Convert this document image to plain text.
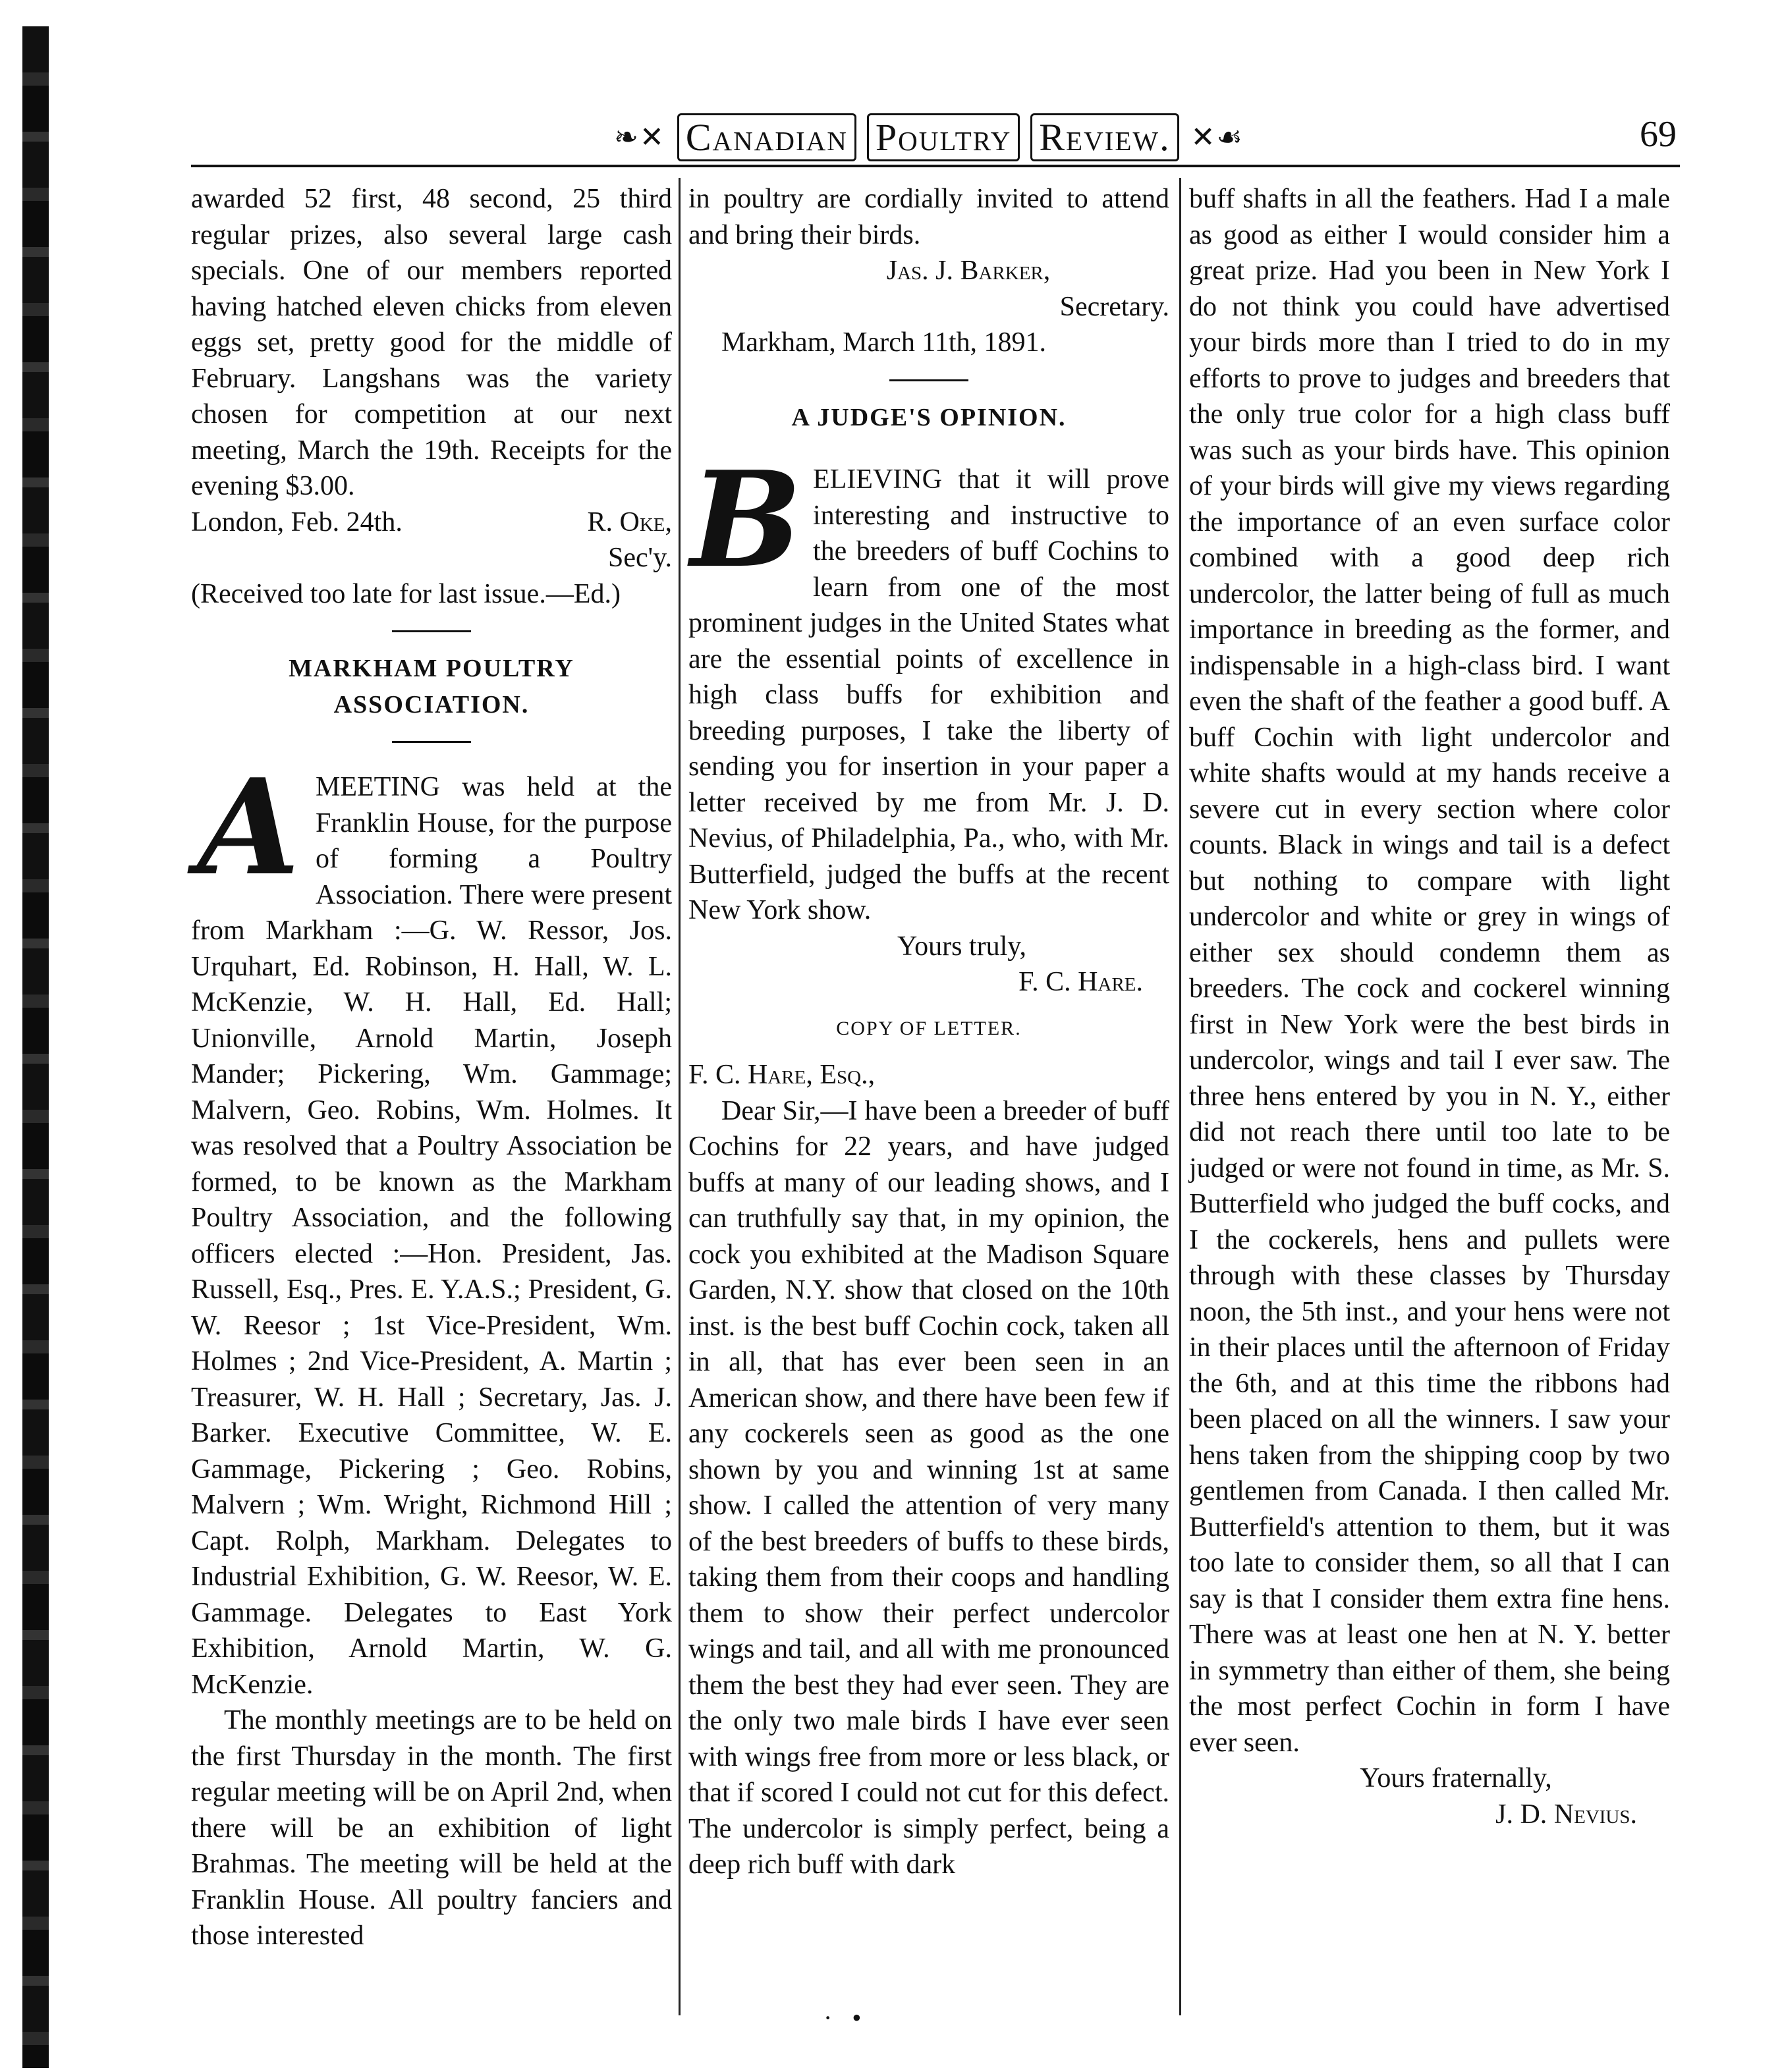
❧✕ Canadian Poultry Review. ✕☙	69

awarded 52 first, 48 second, 25 third regular prizes, also several large cash specials. One of our members reported having hatched eleven chicks from eleven eggs set, pretty good for the middle of February. Langshans was the variety chosen for competition at our next meeting, March the 19th. Receipts for the evening $3.00.

London, Feb. 24th.	R. Oke,
Sec'y.
(Received too late for last issue.—Ed.)
MARKHAM POULTRY ASSOCIATION.

AMEETING was held at the Franklin House, for the purpose of forming a Poultry Association. There were present from Markham :—G. W. Ressor, Jos. Urquhart, Ed. Robinson, H. Hall, W. L. McKenzie, W. H. Hall, Ed. Hall; Unionville, Arnold Martin, Joseph Mander; Pickering, Wm. Gammage; Malvern, Geo. Robins, Wm. Holmes. It was resolved that a Poultry Association be formed, to be known as the Markham Poultry Association, and the following officers elected :—Hon. President, Jas. Russell, Esq., Pres. E. Y.A.S.; President, G. W. Reesor ; 1st Vice-President, Wm. Holmes ; 2nd Vice-President, A. Martin ; Treasurer, W. H. Hall ; Secretary, Jas. J. Barker. Executive Committee, W. E. Gammage, Pickering ; Geo. Robins, Malvern ; Wm. Wright, Richmond Hill ; Capt. Rolph, Markham. Delegates to Industrial Exhibition, G. W. Reesor, W. E. Gammage. Delegates to East York Exhibition, Arnold Martin, W. G. McKenzie.

The monthly meetings are to be held on the first Thursday in the month. The first regular meeting will be on April 2nd, when there will be an exhibition of light Brahmas. The meeting will be held at the Franklin House. All poultry fanciers and those interested

in poultry are cordially invited to attend and bring their birds.

Jas. J. Barker,
Secretary.
Markham, March 11th, 1891.
A JUDGE'S OPINION.

BELIEVING that it will prove interesting and instructive to the breeders of buff Cochins to learn from one of the most prominent judges in the United States what are the essential points of excellence in high class buffs for exhibition and breeding purposes, I take the liberty of sending you for insertion in your paper a letter received by me from Mr. J. D. Nevius, of Philadelphia, Pa., who, with Mr. Butterfield, judged the buffs at the recent New York show.

Yours truly,
F. C. Hare.
COPY OF LETTER.
F. C. Hare, Esq.,

Dear Sir,—I have been a breeder of buff Cochins for 22 years, and have judged buffs at many of our leading shows, and I can truthfully say that, in my opinion, the cock you exhibited at the Madison Square Garden, N.Y. show that closed on the 10th inst. is the best buff Cochin cock, taken all in all, that has ever been seen in an American show, and there have been few if any cockerels seen as good as the one shown by you and winning 1st at same show. I called the attention of very many of the best breeders of buffs to these birds, taking them from their coops and handling them to show their perfect undercolor wings and tail, and all with me pronounced them the best they had ever seen. They are the only two male birds I have ever seen with wings free from more or less black, or that if scored I could not cut for this defect. The undercolor is simply perfect, being a deep rich buff with dark

buff shafts in all the feathers. Had I a male as good as either I would consider him a great prize. Had you been in New York I do not think you could have advertised your birds more than I tried to do in my efforts to prove to judges and breeders that the only true color for a high class buff was such as your birds have. This opinion of your birds will give my views regarding the importance of an even surface color combined with a good deep rich undercolor, the latter being of full as much importance in breeding as the former, and indispensable in a high-class bird. I want even the shaft of the feather a good buff. A buff Cochin with light undercolor and white shafts would at my hands receive a severe cut in every section where color counts. Black in wings and tail is a defect but nothing to compare with light undercolor and white or grey in wings of either sex should condemn them as breeders. The cock and cockerel winning first in New York were the best birds in undercolor, wings and tail I ever saw. The three hens entered by you in N. Y., either did not reach there until too late to be judged or were not found in time, as Mr. S. Butterfield who judged the buff cocks, and I the cockerels, hens and pullets were through with these classes by Thursday noon, the 5th inst., and your hens were not in their places until the afternoon of Friday the 6th, and at this time the ribbons had been placed on all the winners. I saw your hens taken from the shipping coop by two gentlemen from Canada. I then called Mr. Butterfield's attention to them, but it was too late to consider them, so all that I can say is that I consider them extra fine hens. There was at least one hen at N. Y. better in symmetry than either of them, she being the most perfect Cochin in form I have ever seen.

Yours fraternally,
J. D. Nevius.
·   •
